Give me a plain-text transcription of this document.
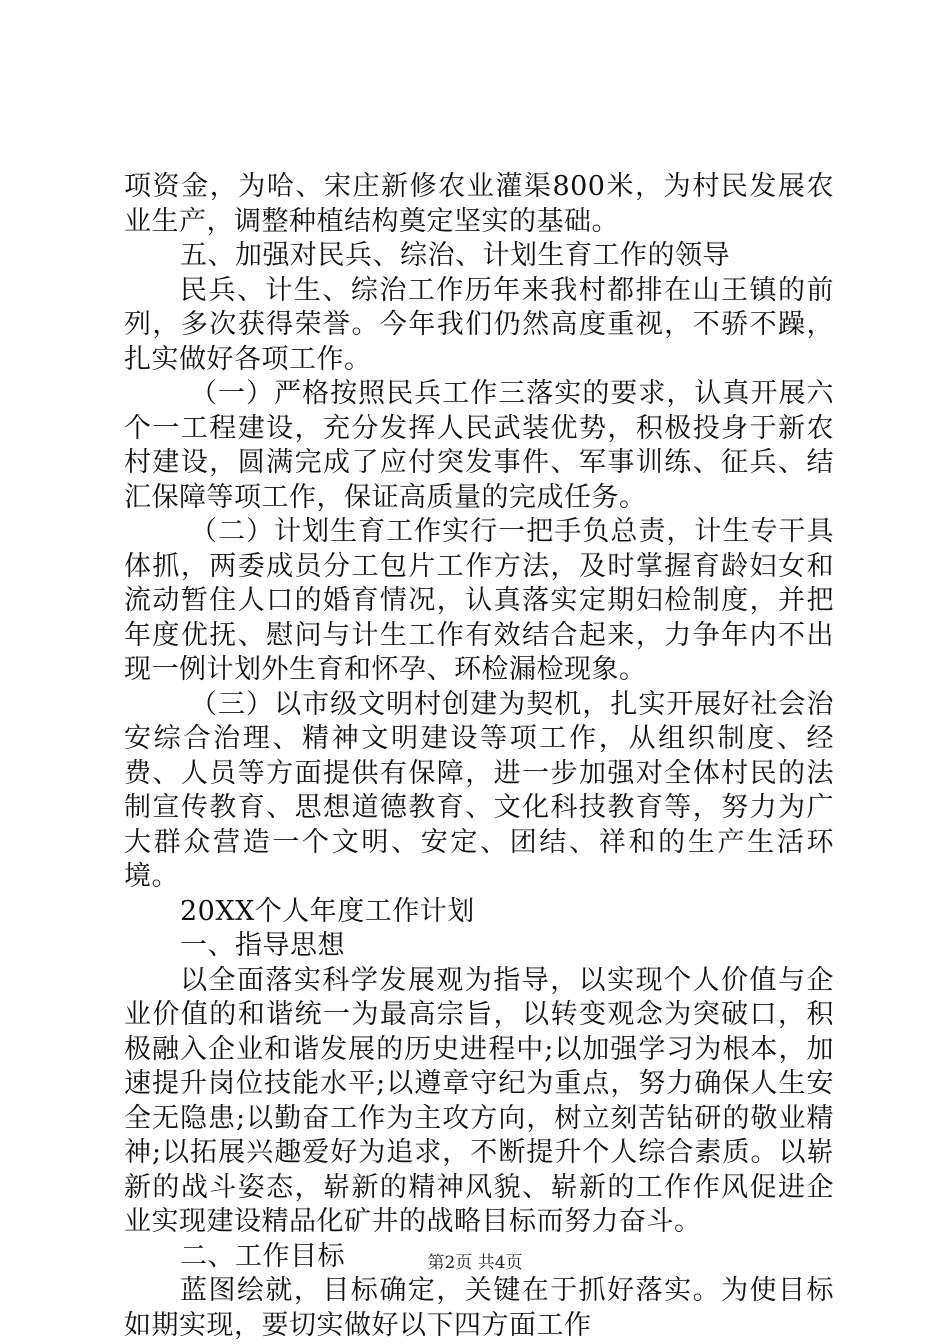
项资金，为哈、宋庄新修农业灌渠800米，为村民发展农业生产，调整种植结构奠定坚实的基础。

五、加强对民兵、综治、计划生育工作的领导

民兵、计生、综治工作历年来我村都排在山王镇的前列，多次获得荣誉。今年我们仍然高度重视，不骄不躁，扎实做好各项工作。

（一）严格按照民兵工作三落实的要求，认真开展六个一工程建设，充分发挥人民武装优势，积极投身于新农村建设，圆满完成了应付突发事件、军事训练、征兵、结汇保障等项工作，保证高质量的完成任务。

（二）计划生育工作实行一把手负总责，计生专干具体抓，两委成员分工包片工作方法，及时掌握育龄妇女和流动暂住人口的婚育情况，认真落实定期妇检制度，并把年度优抚、慰问与计生工作有效结合起来，力争年内不出现一例计划外生育和怀孕、环检漏检现象。

（三）以市级文明村创建为契机，扎实开展好社会治安综合治理、精神文明建设等项工作，从组织制度、经费、人员等方面提供有保障，进一步加强对全体村民的法制宣传教育、思想道德教育、文化科技教育等，努力为广大群众营造一个文明、安定、团结、祥和的生产生活环境。

20XX个人年度工作计划

一、指导思想

以全面落实科学发展观为指导，以实现个人价值与企业价值的和谐统一为最高宗旨，以转变观念为突破口，积极融入企业和谐发展的历史进程中;以加强学习为根本，加速提升岗位技能水平;以遵章守纪为重点，努力确保人生安全无隐患;以勤奋工作为主攻方向，树立刻苦钻研的敬业精神;以拓展兴趣爱好为追求，不断提升个人综合素质。以崭新的战斗姿态，崭新的精神风貌、崭新的工作作风促进企业实现建设精品化矿井的战略目标而努力奋斗。

二、工作目标

蓝图绘就，目标确定，关键在于抓好落实。为使目标如期实现，要切实做好以下四方面工作

第2页 共4页
